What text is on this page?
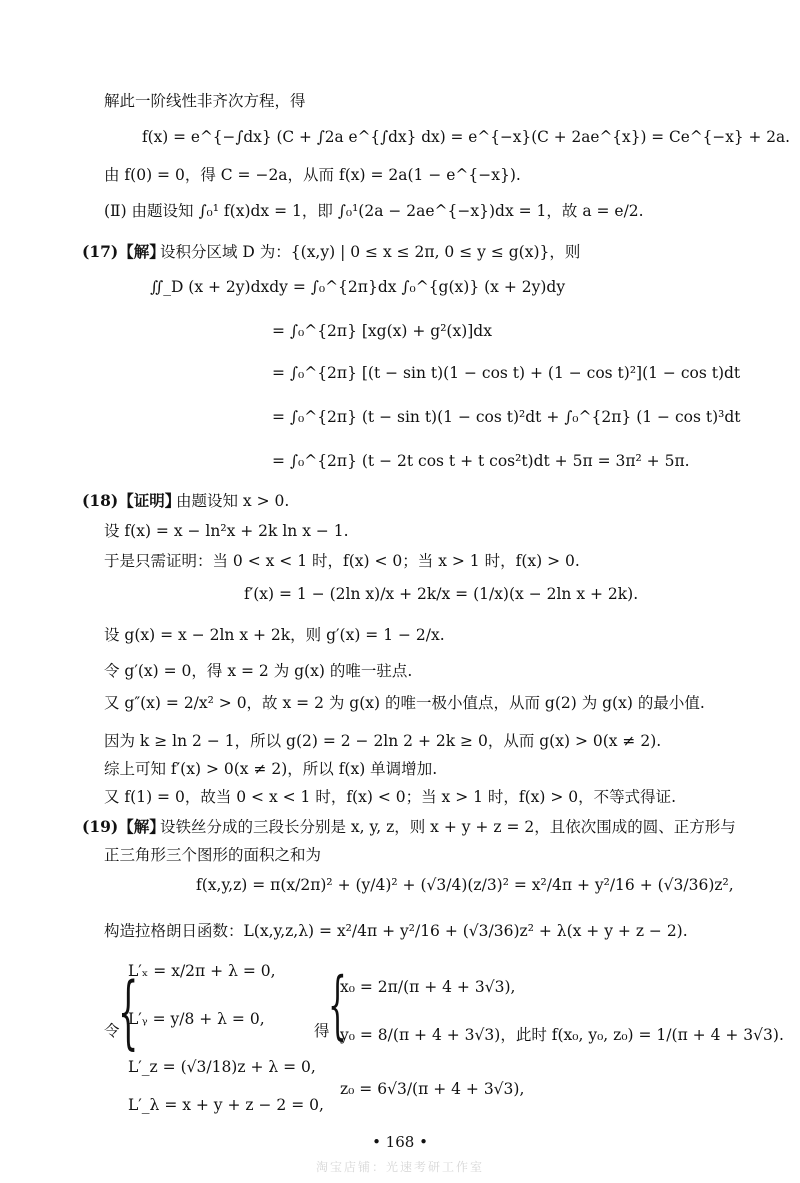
解此一阶线性非齐次方程，得
f(x) = e^{−∫dx} (C + ∫2a e^{∫dx} dx) = e^{−x}(C + 2ae^{x}) = Ce^{−x} + 2a.
由 f(0) = 0，得 C = −2a，从而 f(x) = 2a(1 − e^{−x}).
(Ⅱ) 由题设知 ∫₀¹ f(x)dx = 1，即 ∫₀¹(2a − 2ae^{−x})dx = 1，故 a = e/2.
(17)【解】
设积分区域 D 为：{(x,y) | 0 ≤ x ≤ 2π, 0 ≤ y ≤ g(x)}，则
∬_D (x + 2y)dxdy = ∫₀^{2π}dx ∫₀^{g(x)} (x + 2y)dy
= ∫₀^{2π} [xg(x) + g²(x)]dx
= ∫₀^{2π} [(t − sin t)(1 − cos t) + (1 − cos t)²](1 − cos t)dt
= ∫₀^{2π} (t − sin t)(1 − cos t)²dt + ∫₀^{2π} (1 − cos t)³dt
= ∫₀^{2π} (t − 2t cos t + t cos²t)dt + 5π = 3π² + 5π.
(18)【证明】
由题设知 x > 0.
设 f(x) = x − ln²x + 2k ln x − 1.
于是只需证明：当 0 < x < 1 时，f(x) < 0；当 x > 1 时，f(x) > 0.
f′(x) = 1 − (2ln x)/x + 2k/x = (1/x)(x − 2ln x + 2k).
设 g(x) = x − 2ln x + 2k，则 g′(x) = 1 − 2/x.
令 g′(x) = 0，得 x = 2 为 g(x) 的唯一驻点.
又 g″(x) = 2/x² > 0，故 x = 2 为 g(x) 的唯一极小值点，从而 g(2) 为 g(x) 的最小值.
因为 k ≥ ln 2 − 1，所以 g(2) = 2 − 2ln 2 + 2k ≥ 0，从而 g(x) > 0(x ≠ 2).
综上可知 f′(x) > 0(x ≠ 2)，所以 f(x) 单调增加.
又 f(1) = 0，故当 0 < x < 1 时，f(x) < 0；当 x > 1 时，f(x) > 0，不等式得证.
(19)【解】
设铁丝分成的三段长分别是 x, y, z，则 x + y + z = 2，且依次围成的圆、正方形与
正三角形三个图形的面积之和为
f(x,y,z) = π(x/2π)² + (y/4)² + (√3/4)(z/3)² = x²/4π + y²/16 + (√3/36)z²,
构造拉格朗日函数：L(x,y,z,λ) = x²/4π + y²/16 + (√3/36)z² + λ(x + y + z − 2).
令
{
L′ₓ = x/2π + λ = 0,
L′ᵧ = y/8 + λ = 0,
L′_z = (√3/18)z + λ = 0,
L′_λ = x + y + z − 2 = 0,
得
{
x₀ = 2π/(π + 4 + 3√3),
y₀ = 8/(π + 4 + 3√3)，此时 f(x₀, y₀, z₀) = 1/(π + 4 + 3√3).
z₀ = 6√3/(π + 4 + 3√3),
• 168 •
淘宝店铺：光速考研工作室
